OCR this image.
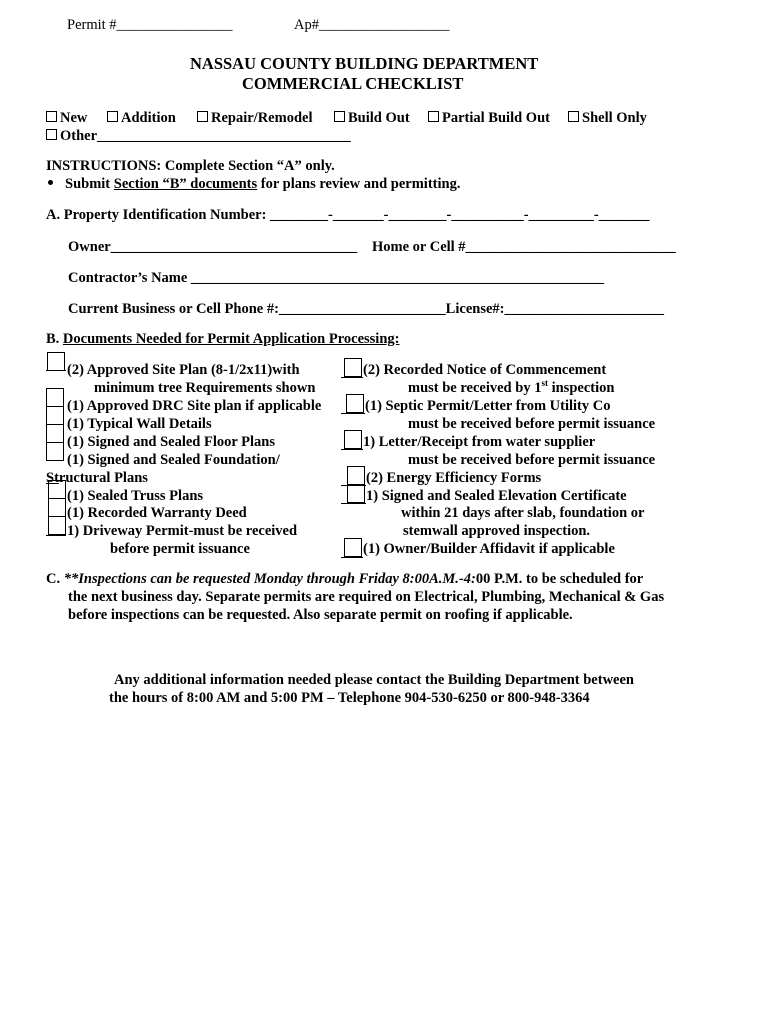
Permit #________________	Ap#__________________
NASSAU COUNTY BUILDING DEPARTMENT
COMMERCIAL CHECKLIST
New	Addition	Repair/Remodel	Build Out	Partial Build Out	Shell Only
Other___________________________________
INSTRUCTIONS: Complete Section “A” only.
Submit Section “B” documents for plans review and permitting.
A. Property Identification Number: ________-_______-________-__________-_________-_______
Owner__________________________________ Home or Cell #_____________________________
Contractor’s Name _________________________________________________________
Current Business or Cell Phone #:_______________________License#:______________________
B. Documents Needed for Permit Application Processing:
(2) Approved Site Plan (8-1/2x11)with
minimum tree Requirements shown
(1) Approved DRC Site plan if applicable
(1) Typical Wall Details
(1) Signed and Sealed Floor Plans
(1) Signed and Sealed Foundation/
Structural Plans
(1) Sealed Truss Plans
(1) Recorded Warranty Deed
1) Driveway Permit-must be received
before permit issuance
(2) Recorded Notice of Commencement
must be received by 1st inspection
(1) Septic Permit/Letter from Utility Co
must be received before permit issuance
1) Letter/Receipt from water supplier
must be received before permit issuance
(2) Energy Efficiency Forms
1) Signed and Sealed Elevation Certificate
within 21 days after slab, foundation or
stemwall approved inspection.
(1) Owner/Builder Affidavit if applicable
C. **Inspections can be requested Monday through Friday 8:00A.M.-4:00 P.M. to be scheduled for
the next business day. Separate permits are required on Electrical, Plumbing, Mechanical & Gas
before inspections can be requested. Also separate permit on roofing if applicable.
Any additional information needed please contact the Building Department between
the hours of 8:00 AM and 5:00 PM – Telephone 904-530-6250 or 800-948-3364
